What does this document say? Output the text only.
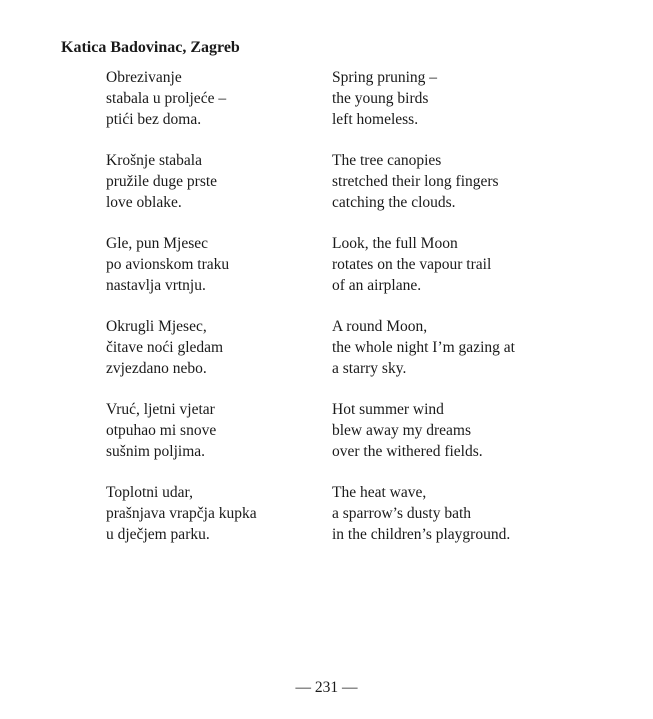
Katica Badovinac, Zagreb
Obrezivanje
stabala u proljeće –
ptići bez doma.
Krošnje stabala
pružile duge prste
love oblake.
Gle, pun Mjesec
po avionskom traku
nastavlja vrtnju.
Okrugli Mjesec,
čitave noći gledam
zvjezdano nebo.
Vruć, ljetni vjetar
otpuhao mi snove
sušnim poljima.
Toplotni udar,
prašnjava vrapčja kupka
u dječjem parku.
Spring pruning –
the young birds
left homeless.
The tree canopies
stretched their long fingers
catching the clouds.
Look, the full Moon
rotates on the vapour trail
of an airplane.
A round Moon,
the whole night I’m gazing at
a starry sky.
Hot summer wind
blew away my dreams
over the withered fields.
The heat wave,
a sparrow’s dusty bath
in the children’s playground.
— 231 —
